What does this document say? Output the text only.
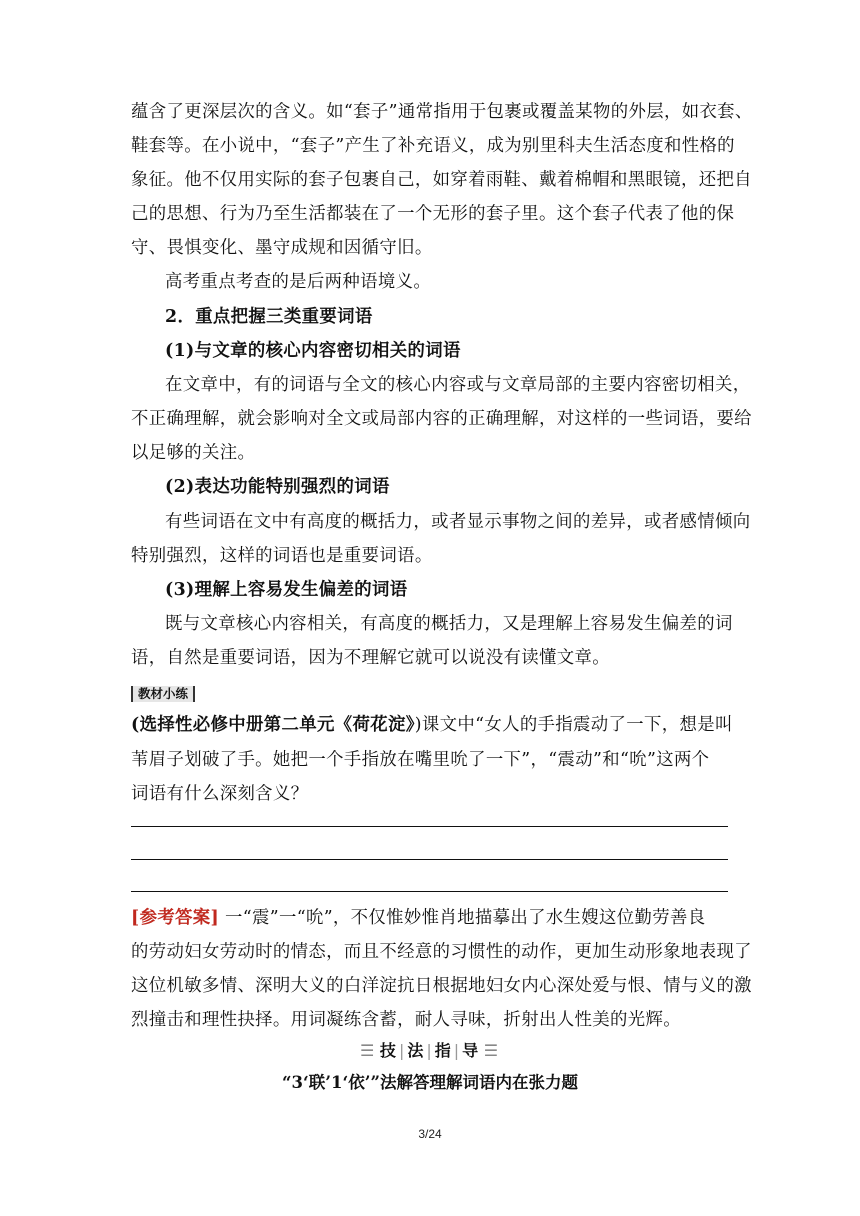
蕴含了更深层次的含义。如“套子”通常指用于包裹或覆盖某物的外层，如衣套、
鞋套等。在小说中，“套子”产生了补充语义，成为别里科夫生活态度和性格的
象征。他不仅用实际的套子包裹自己，如穿着雨鞋、戴着棉帽和黑眼镜，还把自
己的思想、行为乃至生活都装在了一个无形的套子里。这个套子代表了他的保
守、畏惧变化、墨守成规和因循守旧。
高考重点考查的是后两种语境义。
2．重点把握三类重要词语
(1)与文章的核心内容密切相关的词语
在文章中，有的词语与全文的核心内容或与文章局部的主要内容密切相关，
不正确理解，就会影响对全文或局部内容的正确理解，对这样的一些词语，要给
以足够的关注。
(2)表达功能特别强烈的词语
有些词语在文中有高度的概括力，或者显示事物之间的差异，或者感情倾向
特别强烈，这样的词语也是重要词语。
(3)理解上容易发生偏差的词语
既与文章核心内容相关，有高度的概括力，又是理解上容易发生偏差的词
语，自然是重要词语，因为不理解它就可以说没有读懂文章。
教材小练
(选择性必修中册第二单元《荷花淀》)课文中“女人的手指震动了一下，想是叫
苇眉子划破了手。她把一个手指放在嘴里吮了一下”，“震动”和“吮”这两个
词语有什么深刻含义？
[参考答案] 一“震”一“吮”，不仅惟妙惟肖地描摹出了水生嫂这位勤劳善良
的劳动妇女劳动时的情态，而且不经意的习惯性的动作，更加生动形象地表现了
这位机敏多情、深明大义的白洋淀抗日根据地妇女内心深处爱与恨、情与义的激
烈撞击和理性抉择。用词凝练含蓄，耐人寻味，折射出人性美的光辉。
☰ 技 | 法 | 指 | 导 ☰
“3‘联’1‘依’”法解答理解词语内在张力题
3/24
